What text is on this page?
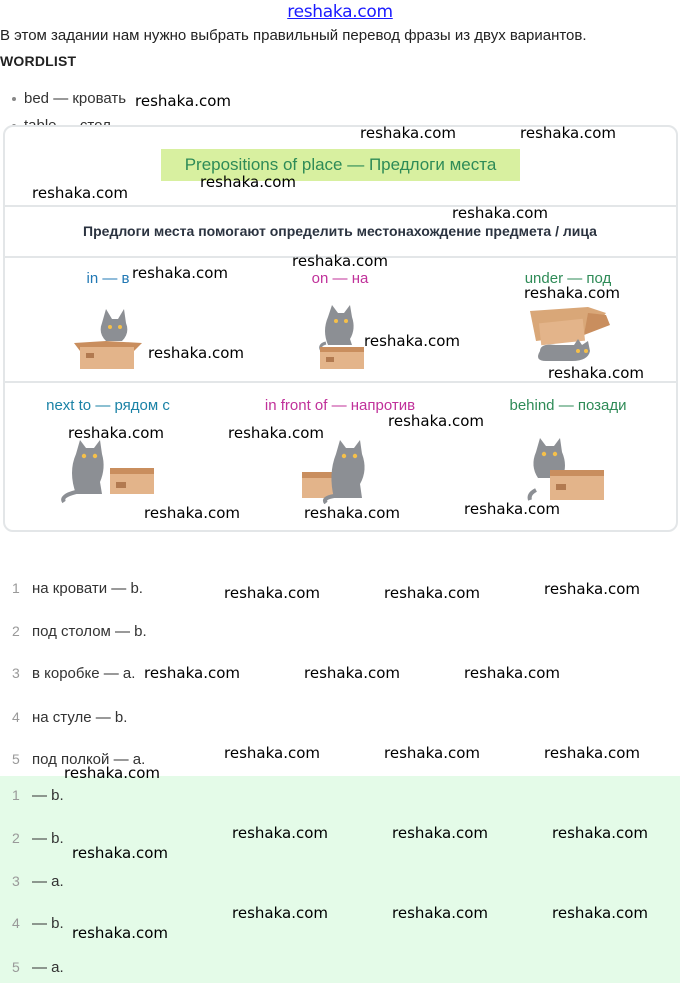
reshaka.com
В этом задании нам нужно выбрать правильный перевод фразы из двух вариантов.
WORDLIST
bed — кровать
Prepositions of place — Предлоги места
Предлоги места помогают определить местонахождение предмета / лица
in — в	on — на	under — под
next to — рядом с	in front of — напротив	behind — позади
1 на кровати — b.
2 под столом — b.
3 в коробке — a.
4 на стуле — b.
5 под полкой — a.
1 — b.
2 — b.
3 — a.
4 — b.
5 — a.
reshaka.com
reshaka.com	reshaka.com
reshaka.com
reshaka.com
reshaka.com
reshaka.com
reshaka.com
reshaka.com
reshaka.com
reshaka.com
reshaka.com
reshaka.com
reshaka.com	reshaka.com
reshaka.com
reshaka.com	reshaka.com
reshaka.com
reshaka.com	reshaka.com
reshaka.com	reshaka.com	reshaka.com
reshaka.com	reshaka.com	reshaka.com
reshaka.com
reshaka.com	reshaka.com	reshaka.com
reshaka.com
reshaka.com	reshaka.com	reshaka.com
reshaka.com
